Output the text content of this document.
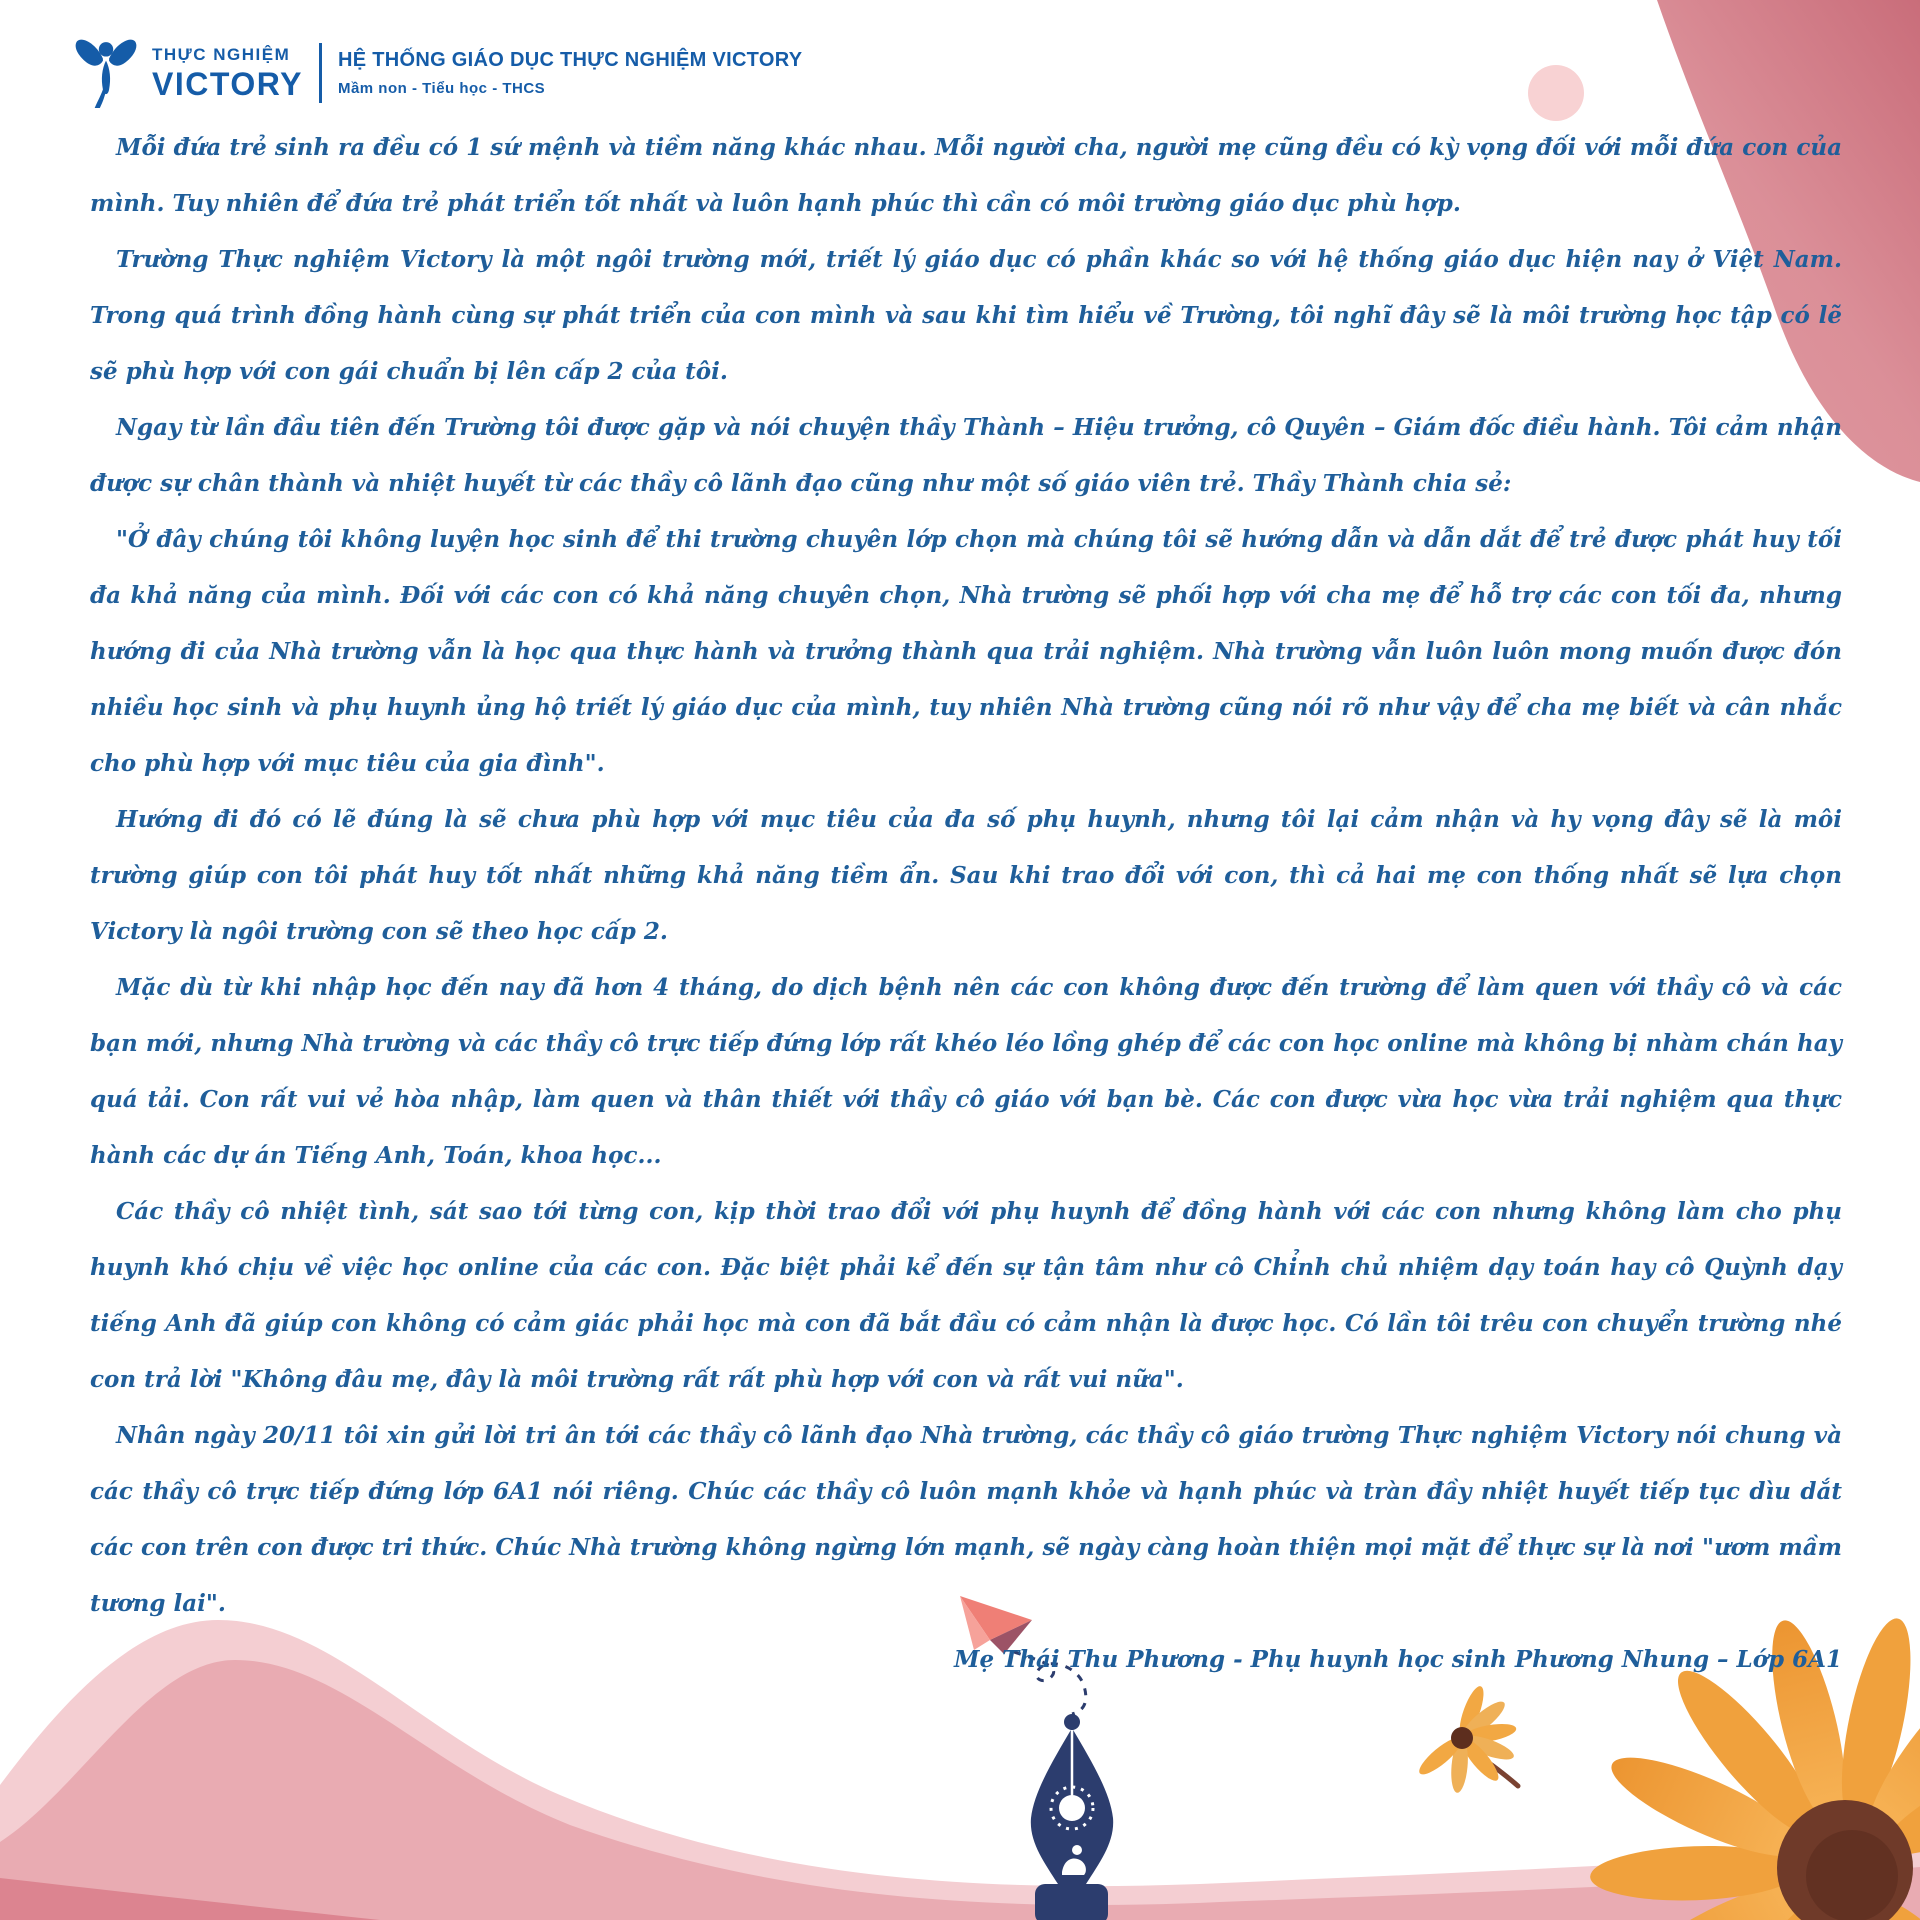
THỰC NGHIỆM
VICTORY
HỆ THỐNG GIÁO DỤC THỰC NGHIỆM VICTORY
Mầm non - Tiểu học - THCS

Mỗi đứa trẻ sinh ra đều có 1 sứ mệnh và tiềm năng khác nhau. Mỗi người cha, người mẹ cũng đều có kỳ vọng đối với mỗi đứa con của mình. Tuy nhiên để đứa trẻ phát triển tốt nhất và luôn hạnh phúc thì cần có môi trường giáo dục phù hợp.

Trường Thực nghiệm Victory là một ngôi trường mới, triết lý giáo dục có phần khác so với hệ thống giáo dục hiện nay ở Việt Nam. Trong quá trình đồng hành cùng sự phát triển của con mình và sau khi tìm hiểu về Trường, tôi nghĩ đây sẽ là môi trường học tập có lẽ sẽ phù hợp với con gái chuẩn bị lên cấp 2 của tôi.

Ngay từ lần đầu tiên đến Trường tôi được gặp và nói chuyện thầy Thành – Hiệu trưởng, cô Quyên – Giám đốc điều hành. Tôi cảm nhận được sự chân thành và nhiệt huyết từ các thầy cô lãnh đạo cũng như một số giáo viên trẻ. Thầy Thành chia sẻ:

"Ở đây chúng tôi không luyện học sinh để thi trường chuyên lớp chọn mà chúng tôi sẽ hướng dẫn và dẫn dắt để trẻ được phát huy tối đa khả năng của mình. Đối với các con có khả năng chuyên chọn, Nhà trường sẽ phối hợp với cha mẹ để hỗ trợ các con tối đa, nhưng hướng đi của Nhà trường vẫn là học qua thực hành và trưởng thành qua trải nghiệm. Nhà trường vẫn luôn luôn mong muốn được đón nhiều học sinh và phụ huynh ủng hộ triết lý giáo dục của mình, tuy nhiên Nhà trường cũng nói rõ như vậy để cha mẹ biết và cân nhắc cho phù hợp với mục tiêu của gia đình".

Hướng đi đó có lẽ đúng là sẽ chưa phù hợp với mục tiêu của đa số phụ huynh, nhưng tôi lại cảm nhận và hy vọng đây sẽ là môi trường giúp con tôi phát huy tốt nhất những khả năng tiềm ẩn. Sau khi trao đổi với con, thì cả hai mẹ con thống nhất sẽ lựa chọn Victory là ngôi trường con sẽ theo học cấp 2.

Mặc dù từ khi nhập học đến nay đã hơn 4 tháng, do dịch bệnh nên các con không được đến trường để làm quen với thầy cô và các bạn mới, nhưng Nhà trường và các thầy cô trực tiếp đứng lớp rất khéo léo lồng ghép để các con học online mà không bị nhàm chán hay quá tải. Con rất vui vẻ hòa nhập, làm quen và thân thiết với thầy cô giáo với bạn bè. Các con được vừa học vừa trải nghiệm qua thực hành các dự án Tiếng Anh, Toán, khoa học...

Các thầy cô nhiệt tình, sát sao tới từng con, kịp thời trao đổi với phụ huynh để đồng hành với các con nhưng không làm cho phụ huynh khó chịu về việc học online của các con. Đặc biệt phải kể đến sự tận tâm như cô Chỉnh chủ nhiệm dạy toán hay cô Quỳnh dạy tiếng Anh đã giúp con không có cảm giác phải học mà con đã bắt đầu có cảm nhận là được học. Có lần tôi trêu con chuyển trường nhé con trả lời "Không đâu mẹ, đây là môi trường rất rất phù hợp với con và rất vui nữa".

Nhân ngày 20/11 tôi xin gửi lời tri ân tới các thầy cô lãnh đạo Nhà trường, các thầy cô giáo trường Thực nghiệm Victory nói chung và các thầy cô trực tiếp đứng lớp 6A1 nói riêng. Chúc các thầy cô luôn mạnh khỏe và hạnh phúc và tràn đầy nhiệt huyết tiếp tục dìu dắt các con trên con được tri thức. Chúc Nhà trường không ngừng lớn mạnh, sẽ ngày càng hoàn thiện mọi mặt để thực sự là nơi "ươm mầm tương lai".

Mẹ Thái Thu Phương - Phụ huynh học sinh Phương Nhung – Lớp 6A1
